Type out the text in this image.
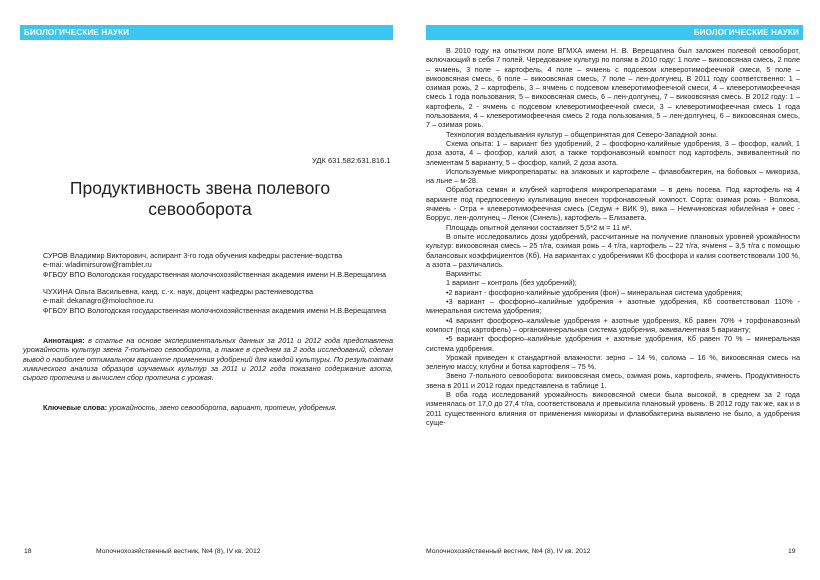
БИОЛОГИЧЕСКИЕ НАУКИ
УДК 631.582:631.816.1
Продуктивность звена полевого севооборота

СУРОВ Владимир Викторович, аспирант 3-го года обучения кафедры растение-водства

e-mai: wladimirsurow@rambler.ru

ФГБОУ ВПО Вологодская государственная молочнохозяйственная академия имени Н.В.Верещагина

ЧУХИНА Ольга Васильевна, канд. с.-х. наук, доцент кафедры растениеводства

e-mail: dekanagro@molochnoe.ru

ФГБОУ ВПО Вологодская государственная молочнохозяйственная академия имени Н.В.Верещагина

Аннотация: в статье на основе экспериментальных данных за 2011 и 2012 года представлена урожайность культур звена 7-польного севооборота, а также в среднем за 2 года исследований, сделан вывод о наиболее оптимальном варианте применения удобрений для каждой культуры. По результатам химического анализа образцов изучаемых культур за 2011 и 2012 года показано содержание азота, сырого протеина и вычислен сбор протеина с урожая.

Ключевые слова: урожайность, звено севооборота, вариант, протеин, удобрения.

18	Молочнохозяйственный вестник, №4 (8), IV кв. 2012
БИОЛОГИЧЕСКИЕ НАУКИ

В 2010 году на опытном поле ВГМХА имени Н. В. Верещагина был заложен полевой севооборот, включающий в себя 7 полей. Чередование культур по полям в 2010 году: 1 поле – викоовсяная смесь, 2 поле – ячмень, 3 поле – картофель, 4 поле – ячмень с подсевом клеверотимофеечной смеси, 5 поле – викоовсяная смесь, 6 поле – викоовсяная смесь, 7 поле – лен-долгунец. В 2011 году соответственно: 1 – озимая рожь, 2 – картофель, 3 – ячмень с подсевом клеверотимофеечной смеси, 4 – клеверотимофеечная смесь 1 года пользования, 5 – викоовсяная смесь, 6 – лен-долгунец, 7 – викоовсяная смесь. В 2012 году: 1 – картофель, 2 - ячмень с подсевом клеверотимофеечной смеси, 3 – клеверотимофеечная смесь 1 года пользования, 4 – клеверотимофеечная смесь 2 года пользования, 5 – лен-долгунец, 6 – викоовсяная смесь, 7 – озимая рожь.

Технология возделывания культур – общепринятая для Северо-Западной зоны.

Схема опыта: 1 – вариант без удобрений, 2 – фосфорно-калийные удобрения, 3 – фосфор, калий, 1 доза азота, 4 – фосфор, калий азот, а также торфонавозный компост под картофель, эквивалентный по элементам 5 варианту, 5 – фосфор, калий, 2 доза азота.

Используемые микропрепараты: на злаковых и картофеле – флавобактерин, на бобовых – микориза, на льне – м-28.

Обработка семян и клубней картофеля микропрепаратами – в день посева. Под картофель на 4 варианте под предпосевную культивацию внесен торфонавозный компост. Сорта: озимая рожь - Волхова, ячмень - Отра + клеверотимофеечная смесь (Седум + ВИК 9), вика – Немчиновская юбилейная + овес - Боррус, лен-долгунец – Ленок (Синель), картофель – Елизавета.

Площадь опытной делянки составляет 5,5*2 м = 11 м².

В опыте исследовались дозы удобрений, рассчитанные на получение плановых уровней урожайности культур: викоовсяная смесь – 25 т/га, озимая рожь – 4 т/га, картофель – 22 т/га, ячменя – 3,5 т/га с помощью балансовых коэффициентов (Кб). На вариантах с удобрениями Кб фосфора и калия соответствовали 100 %, а азота – различались.

Варианты:

1 вариант – контроль (без удобрений);

•2 вариант - фосфорно-калийные удобрения (фон) – минеральная система удобрения;

•3 вариант – фосфорно–калийные удобрения + азотные удобрения, Кб соответствовал 110% - минеральная система удобрения;

•4 вариант фосфорно–калийные удобрения + азотные удобрения, Кб равен 70% + торфонавозный компост (под картофель) – органоминеральная система удобрения, эквивалентная 5 варианту;

•5 вариант фосфорно–калийные удобрения + азотные удобрения, Кб равен 70 % – минеральная система удобрения.

Урожай приведен к стандартной влажности: зерно – 14 %, солома – 16 %, викоовсяная смесь на зеленую массу, клубни и ботва картофеля – 75 %.

Звено 7-польного севооборота: викоовсяная смесь, озимая рожь, картофель, ячмень. Продуктивность звена в 2011 и 2012 годах представлена в таблице 1.

В оба года исследований урожайность викоовсяной смеси была высокой, в среднем за 2 года изменялась от 17,0 до 27,4 т/га, соответствовала и превысила плановый уровень. В 2012 году так же, как и в 2011 существенного влияния от применения микоризы и флавобактерина выявлено не было, а удобрения суще-

Молочнохозяйственный вестник, №4 (8), IV кв. 2012	19
